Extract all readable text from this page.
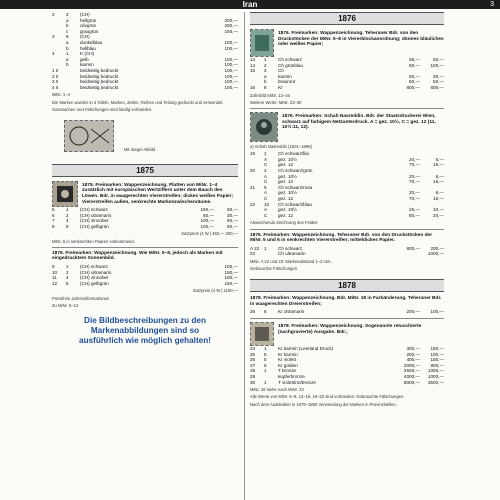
Iran	3
2	2	(CH)
a	hellgrün	200,—
b	olivgrün	200,—
c	graugrün	150,—
3	8	(CH)
a	dunkelblau	100,—
b	hellblau	100,—
4	1	K (CH)
a	gelb	100,—
b	karmin	100,—
1 II	beidseitig bedruckt	100,—
2 II	beidseitig bedruckt	100,—
3 II	beidseitig bedruckt	100,—
4 II	beidseitig bedruckt	100,—
MiNr. 1–4
Die Marken wurden in 4 Tafeln, Marken, Zeilen, Reihen und Teilung gedruckt und verwendet.
Ganzsachen und Fälschungen sind häufig vorhanden.
Mit Siegel Abbild
1875
1875. Freimarken: Wappenzeichnung. Platten von MiNr. 1–4 zusätzlich mit europäischen Wertziffern unter dem Bauch des Löwen. Bdr. in waagerechten Viererstreifen; dickes weißes Papier; Viererstreifen außen, senkrechte Markenzwischenräume.
5	1	(CH) schwarz	150,—	60,—
6	2	(CH) ultramarin	60,—	30,—
7	4	(CH) zinnober	100,—	60,—
8	8	(CH) gelbgrün	100,—	60,—
Satzpreis (4 W.) 450,— 200,—
MiNr. 5 in senkrechten Paaren vorkommend.
1876. Freimarken: Wappenzeichnung. Wie MiNr. 5–8, jedoch als Marken mit eingedrucktem Sonnenbild.
9	1	(CH) schwarz	100,—
10	2	(CH) ultramarin	150,—
11	4	(CH) zinnober	100,—
12	8	(CH) gelbgrün	150,—
Satzpreis (4 W.) 1150,—
Portofreie Jahresinformationen
Zu MiNr. 5–12
Die Bildbeschreibungen zu den
Markenabbildungen sind so
ausführlich wie möglich gehalten!
1876
1876. Freimarken: Wappenzeichnung. Teheraner Bdr. von den Druckstöcken der MiNr. 5–8 in Viererblockanordnung; dünnes bläuliches oder weißes Papier;
13	1	Ch schwarz	35,—	50,—
14	2	Ch grünblau	80,—	100,—
15	4	Ch
a	karmin	50,—	30,—
b	braunrot	60,—	50,—
16	8	Kr	800,—	600,—
Zahnbild MiNr. 13–16
Weitere Werte: MiNr. 23–30
1876. Freimarken: Schah Nasreddin. Bdr. der Staatsdruckerei Wien, schwarz auf farbigem Netzunterdruck. A = gez. 10½, C = gez. 12 (11, 10½:11, 12).
a) Schah Nasreddin (1831–1896)
19	1	Ch schwarz/lila
A	gez. 10½	20,—	6,—
C	gez. 12	70,—	15,—
20	2	Ch schwarz/grün
A	gez. 10½	20,—	6,—
C	gez. 12	70,—	15,—
21	5	Ch schwarz/rosa
A	gez. 10½	20,—	6,—
C	gez. 12	70,—	15,—
22	10	Ch schwarz/blau
A	gez. 10½	25,—	10,—
C	gez. 12	80,—	20,—
Abweichende Zeichnung des Feldes
1876. Freimarken: Wappenzeichnung. Teheraner Bdr. von den Druckstöcken der MiNr. 5 und 6 in senkrechten Viererstreifen; mitteldickes Papier.
A 22	1	Ch schwarz	800,—	200,—
23	Ch ultramarin	1000,—
MiNr. A 22 und 23: Markenabstand 1–2 mm.
Gebrauchte Fälschungen
1878
1878. Freimarken: Wappenzeichnung. Bdr. MiNr. 18 in Farbänderung. Teheraner Bdr. in waagerechten Dreierstreifen;
26	8	Kr ultramarin	200,—	100,—
1878. Freimarken: Wappenzeichnung. Sogenannte retuschierte (nachgravierte) Ausgabe. Bdr.;
24	1	Kr karmin (Leerland Druck)	300,—	150,—
25	5	Kr karmin	200,—	100,—
26	5	Kr violett	400,—	150,—
27	5	Kr golden	2000,—	800,—
28	1	T bronze	2500,—	1000,—
29	kupferbronze	4000,—	1000,—
30	1	T violett/rot/bronze	8000,—	3500,—
MiNr. 26 siehe nach MiNr. 23
Alle Werte von MiNr. 5–8, 13–16, 19–22 sind vorhanden. Gebrauchte Fälschungen.
Nach dem Ausbleiben in 1879–1880 Verwendung der Marken in Provinzstellen.
